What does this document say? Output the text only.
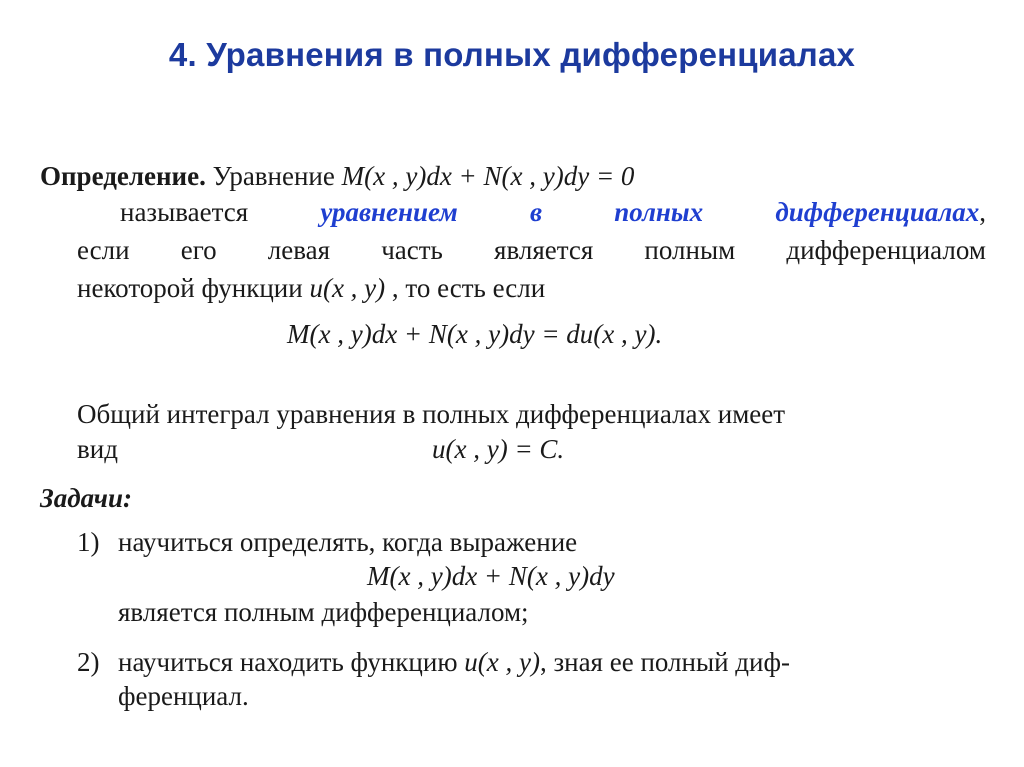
4. Уравнения в полных дифференциалах
Определение. Уравнение M(x , y)dx + N(x , y)dy = 0
называется	уравнением	в	полных	дифференциалах,
если его левая часть является полным дифференциалом
некоторой функции u(x , y) , то есть если
M(x , y)dx + N(x , y)dy = du(x , y).
Общий интеграл уравнения в полных дифференциалах имеет
вид	u(x , y) = C.
Задачи:
1) научиться определять, когда выражение
M(x , y)dx + N(x , y)dy
является полным дифференциалом;
2) научиться находить функцию u(x , y), зная ее полный диф-
ференциал.
